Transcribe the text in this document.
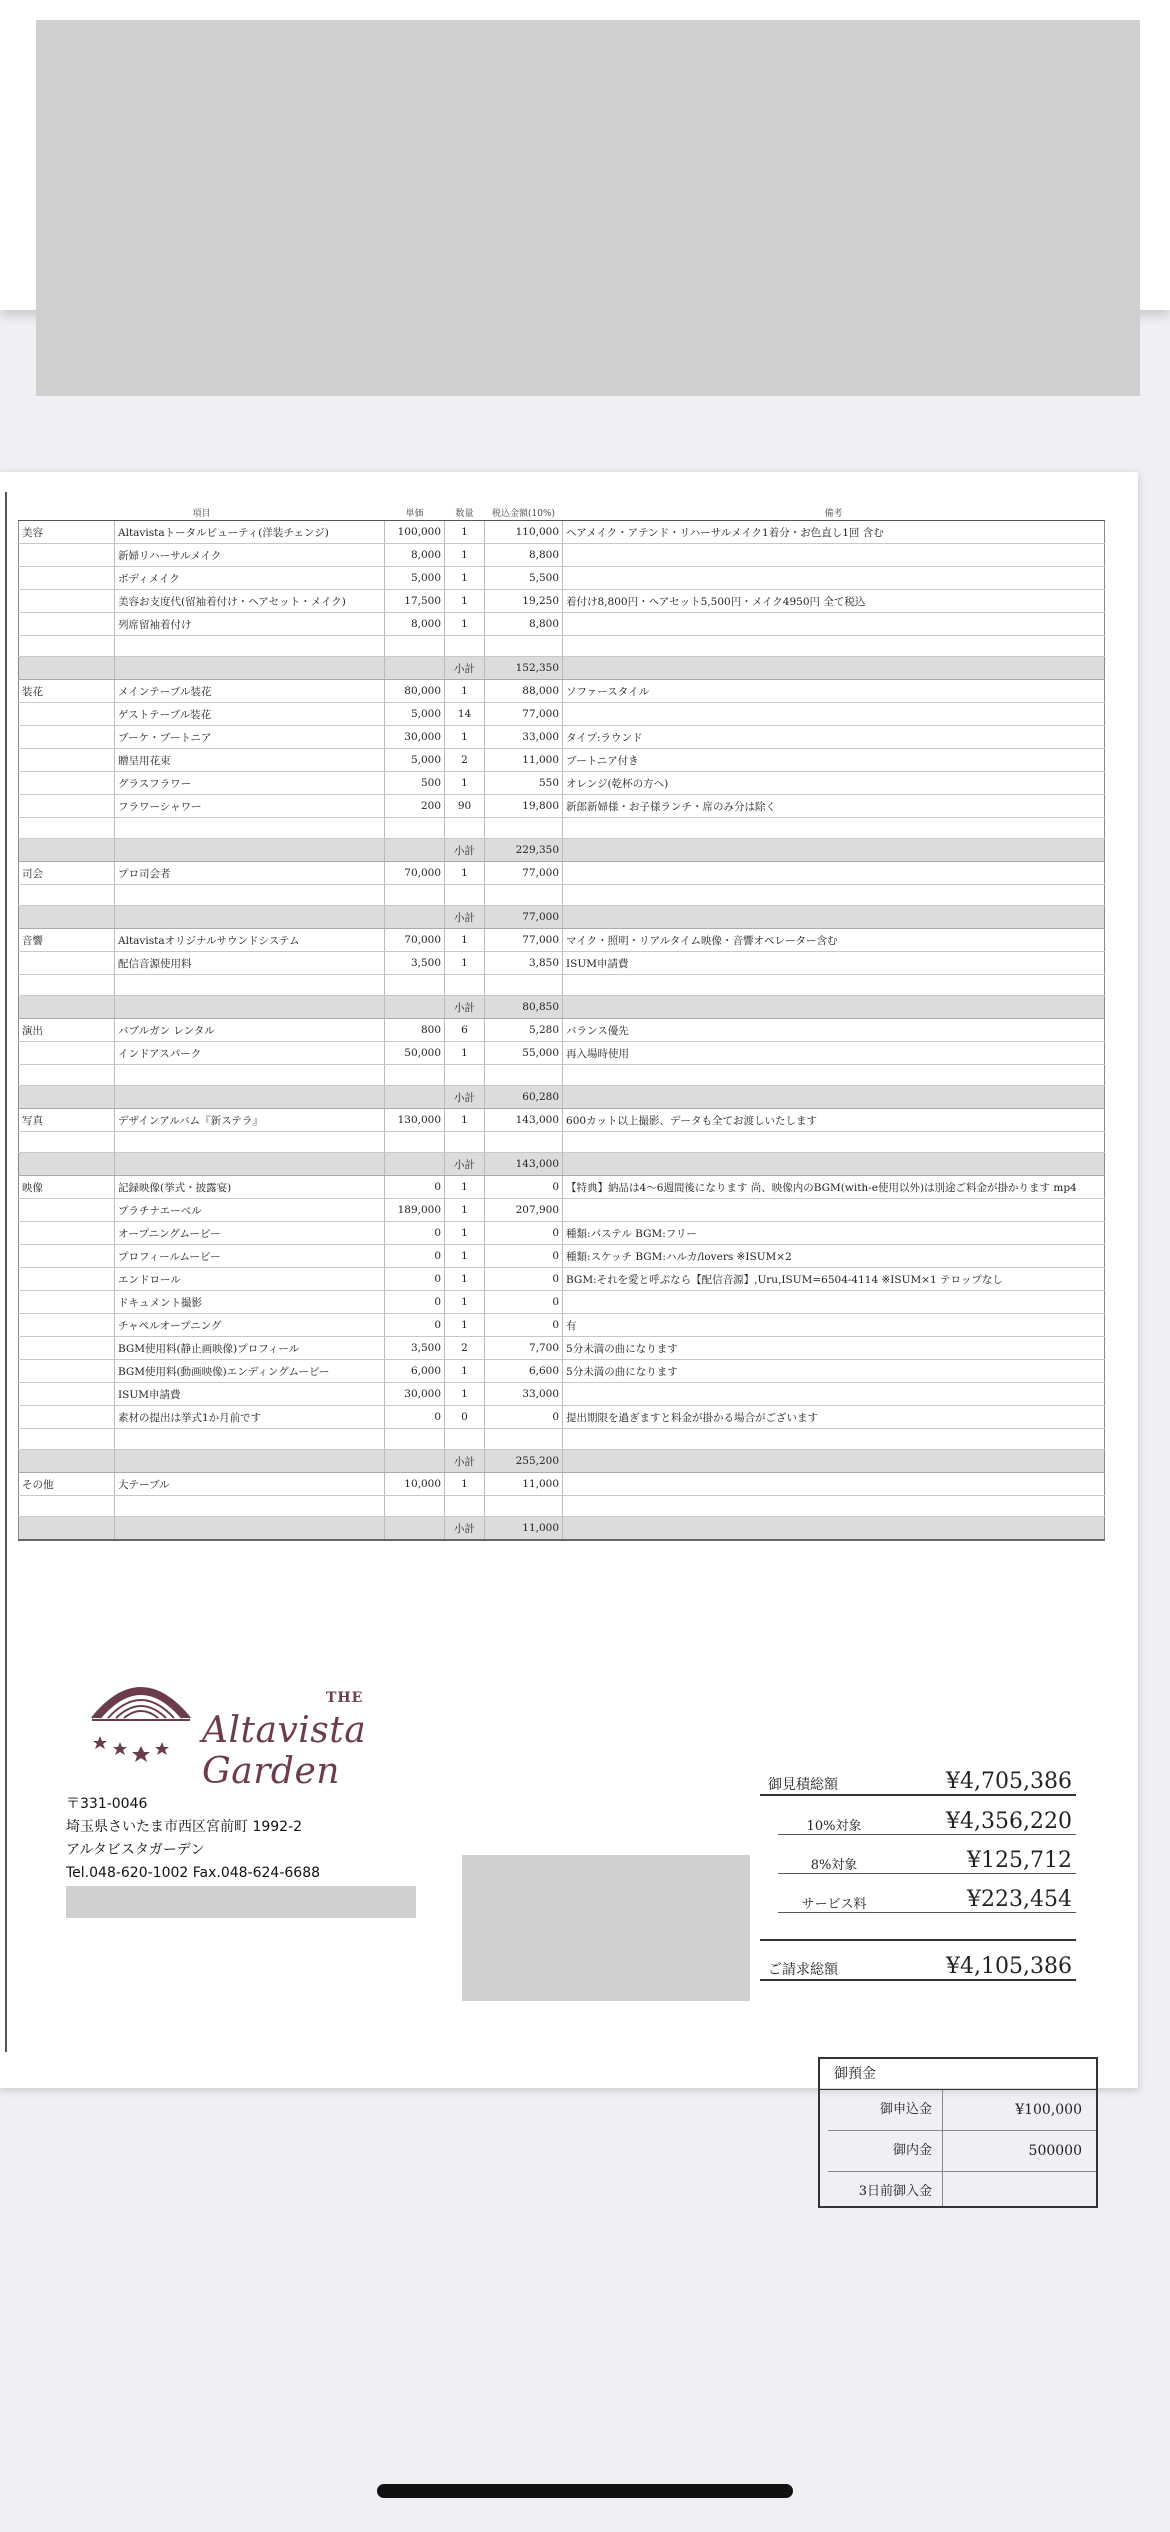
項目		単価	数量	税込金額(10%)	備考
美容	Altavistaトータルビューティ(洋装チェンジ)	100,000	1	110,000	ヘアメイク・アテンド・リハーサルメイク1着分・お色直し1回 含む
	新婦リハーサルメイク	8,000	1	8,800	
	ボディメイク	5,000	1	5,500	
	美容お支度代(留袖着付け・ヘアセット・メイク)	17,500	1	19,250	着付け8,800円・ヘアセット5,500円・メイク4950円 全て税込
	列席留袖着付け	8,000	1	8,800	

			小計	152,350	
装花	メインテーブル装花	80,000	1	88,000	ソファースタイル
	ゲストテーブル装花	5,000	14	77,000	
	ブーケ・ブートニア	30,000	1	33,000	タイプ:ラウンド
	贈呈用花束	5,000	2	11,000	ブートニア付き
	グラスフラワー	500	1	550	オレンジ(乾杯の方へ)
	フラワーシャワー	200	90	19,800	新郎新婦様・お子様ランチ・席のみ分は除く

			小計	229,350	
司会	プロ司会者	70,000	1	77,000	

			小計	77,000	
音響	Altavistaオリジナルサウンドシステム	70,000	1	77,000	マイク・照明・リアルタイム映像・音響オペレーター含む
	配信音源使用料	3,500	1	3,850	ISUM申請費

			小計	80,850	
演出	バブルガン レンタル	800	6	5,280	バランス優先
	インドアスパーク	50,000	1	55,000	再入場時使用

			小計	60,280	
写真	デザインアルバム『新ステラ』	130,000	1	143,000	600カット以上撮影、データも全てお渡しいたします

			小計	143,000	
映像	記録映像(挙式・披露宴)	0	1	0	【特典】納品は4〜6週間後になります 尚、映像内のBGM(with-e使用以外)は別途ご料金が掛かります mp4
	プラチナエーベル	189,000	1	207,900	
	オープニングムービー	0	1	0	種類:パステル BGM:フリー
	プロフィールムービー	0	1	0	種類:スケッチ BGM:ハルカ/lovers ※ISUM×2
	エンドロール	0	1	0	BGM:それを愛と呼ぶなら【配信音源】,Uru,ISUM=6504-4114 ※ISUM×1 テロップなし
	ドキュメント撮影	0	1	0	
	チャペルオープニング	0	1	0	有
	BGM使用料(静止画映像)プロフィール	3,500	2	7,700	5分未満の曲になります
	BGM使用料(動画映像)エンディングムービー	6,000	1	6,600	5分未満の曲になります
	ISUM申請費	30,000	1	33,000	
	素材の提出は挙式1か月前です	0	0	0	提出期限を過ぎますと料金が掛かる場合がございます

			小計	255,200	
その他	大テーブル	10,000	1	11,000	

			小計	11,000	
御預金
御申込金	¥100,000
御内金	500000
3日前御入金
THE
Altavista Garden
〒331-0046
埼玉県さいたま市西区宮前町 1992-2
アルタビスタガーデン
Tel.048-620-1002 Fax.048-624-6688
御見積総額	¥4,705,386
10%対象	¥4,356,220
8%対象	¥125,712
サービス料	¥223,454
ご請求総額	¥4,105,386
